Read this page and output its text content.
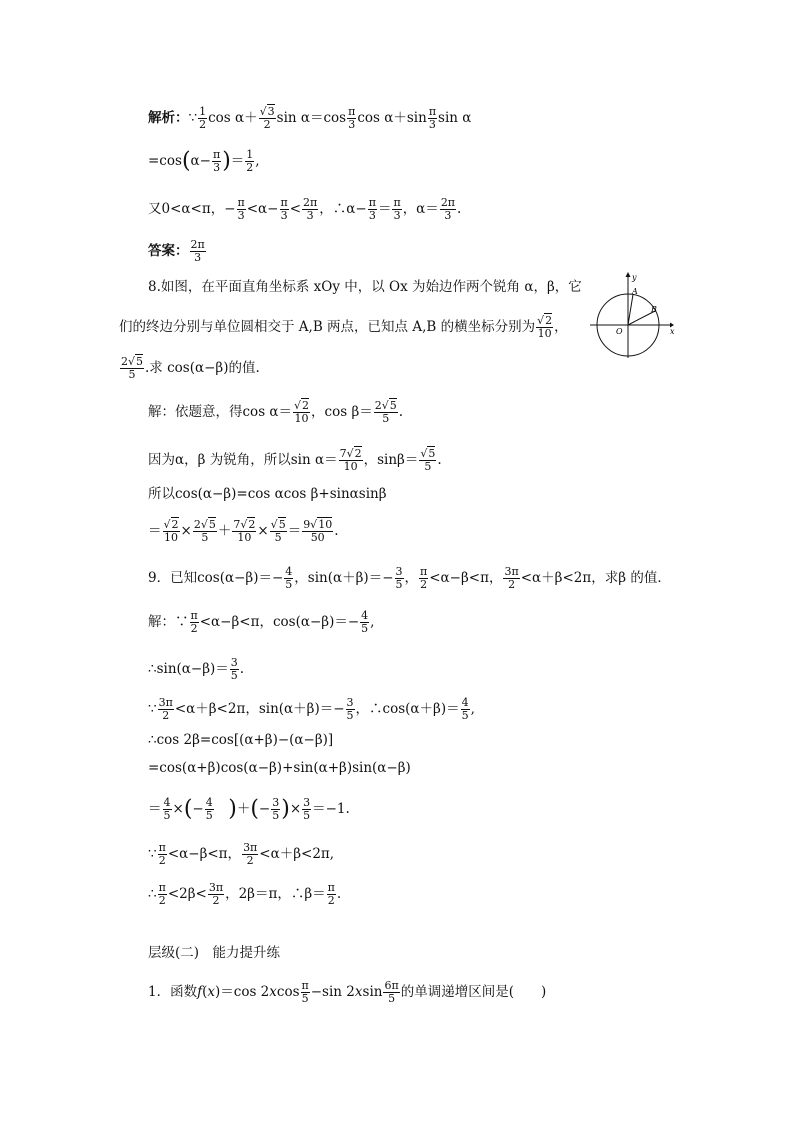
解析：∵ $\frac{1}{2}$ $\cos \alpha+ \frac{√3}{2}$ $\sin \alpha=\cos \frac{\pi}{3}$ $\cos \alpha+\sin \frac{\pi}{3}$ sin α
$=\cos(\alpha- \frac{\pi}{3}$ )＝ $\frac{1}{2}$ ,
又0<α<π，− $\frac{\pi}{3} <\alpha- \frac{\pi}{3} < \frac{2\pi}{3}$ ，∴α− $\frac{\pi}{3} = \frac{\pi}{3}$ ，$\alpha= \frac{2\pi}{3}$ .
答案： $\frac{2\pi}{3}$
8.如图，在平面直角坐标系 xOy 中，以 Ox 为始边作两个锐角 α，β，它
们的终边分别与单位圆相交于 A,B 两点，已知点 A,B 的横坐标分别为 $\frac{√2}{10}$ ，
$\frac{2√5}{5}$ .求 cos(α−β)的值.
x
y
O
A
B
解：依题意，得$\cos \alpha= \frac{√2}{10}$ ，$\cos \beta= \frac{2√5}{5}$ .
因为α，β 为锐角，所以$\sin \alpha= \frac{7√2}{10}$ ，$\sin\beta= \frac{√5}{5}$ .
所以cos(α−β)=cos αcos β+sinαsinβ
＝ $\frac{√2}{10} \times \frac{2√5}{5} + \frac{7√2}{10} \times \frac{√5}{5} = \frac{9√10}{50}$ .
9．已知$\cos(\alpha-\beta)=- \frac{4}{5}$ ，$\sin(\alpha+\beta)=- \frac{3}{5}$ ， $\frac{\pi}{2} <\alpha-\beta<\pi$， $\frac{3\pi}{2} <\alpha+\beta<2\pi$，求β 的值．
解：∵ $\frac{\pi}{2} <\alpha-\beta<\pi$，$\cos(\alpha-\beta)=- \frac{4}{5}$ ,
∴sin(α−β)＝ $\frac{3}{5}$ .
∵ $\frac{3\pi}{2} <\alpha+\beta<2\pi$，$\sin(\alpha+\beta)=- \frac{3}{5}$ ，∴cos(α＋β)＝ $\frac{4}{5}$ ,
∴cos 2β=cos[(α+β)−(α−β)]
=cos(α+β)cos(α−β)+sin(α+β)sin(α−β)
＝ $\frac{4}{5}$ ×(− $\frac{4}{5}$
　 )＋(− $\frac{3}{5}$ )× $\frac{3}{5} =-1$.
∵ $\frac{\pi}{2} <\alpha-\beta<\pi$， $\frac{3\pi}{2} <\alpha+\beta<2\pi$,
∴ $\frac{\pi}{2} <2\beta< \frac{3\pi}{2}$ ，2β＝π，∴β＝ $\frac{\pi}{2}$ .
层级(二)　能力提升练
1．函数f(x)＝cos $2xcos \frac{\pi}{5} -\sin$ $2xsin \frac{6\pi}{5}$ 的单调递增区间是(　　)
